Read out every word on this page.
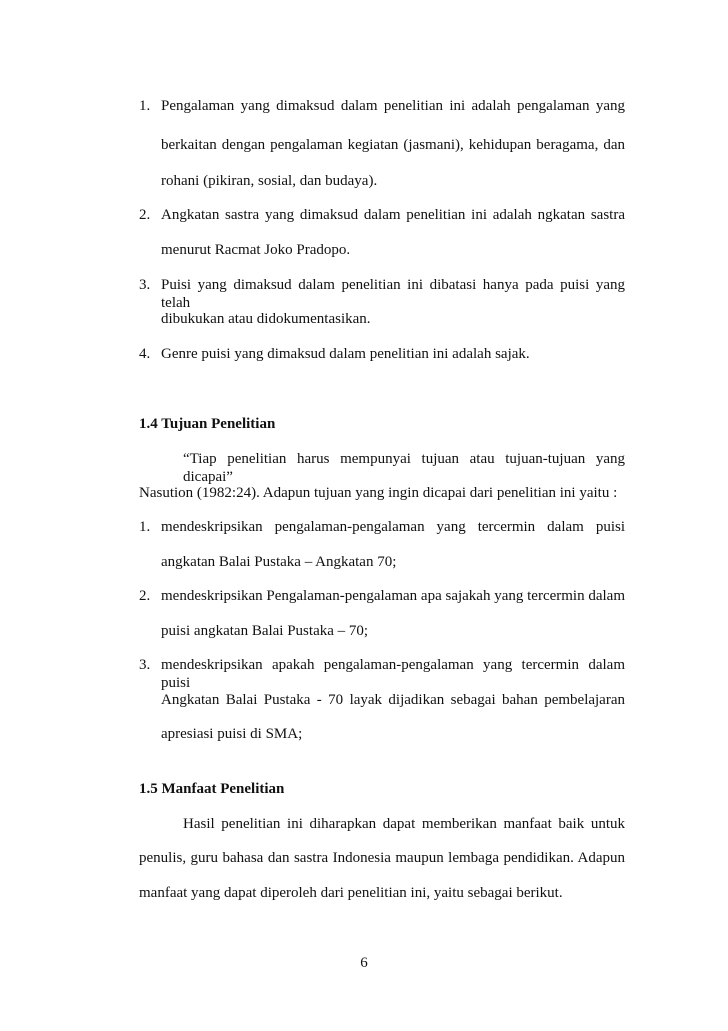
1. Pengalaman yang dimaksud dalam penelitian ini adalah pengalaman yang
berkaitan dengan pengalaman kegiatan (jasmani), kehidupan beragama, dan
rohani (pikiran, sosial, dan budaya).
2. Angkatan sastra yang dimaksud dalam penelitian ini adalah ngkatan sastra
menurut Racmat Joko Pradopo.
3. Puisi yang dimaksud dalam penelitian ini dibatasi hanya pada puisi yang telah
dibukukan atau didokumentasikan.
4. Genre puisi yang dimaksud dalam penelitian ini adalah sajak.
1.4 Tujuan Penelitian
“Tiap penelitian harus mempunyai tujuan atau tujuan-tujuan yang dicapai”
Nasution (1982:24). Adapun tujuan yang ingin dicapai dari penelitian ini yaitu :
1. mendeskripsikan pengalaman-pengalaman yang tercermin dalam puisi
angkatan Balai Pustaka – Angkatan 70;
2. mendeskripsikan Pengalaman-pengalaman apa sajakah yang tercermin dalam
puisi angkatan Balai Pustaka – 70;
3. mendeskripsikan apakah pengalaman-pengalaman yang tercermin dalam puisi
Angkatan Balai Pustaka - 70 layak dijadikan sebagai bahan pembelajaran
apresiasi puisi di SMA;
1.5 Manfaat Penelitian
Hasil penelitian ini diharapkan dapat memberikan manfaat baik untuk
penulis, guru bahasa dan sastra Indonesia maupun lembaga pendidikan. Adapun
manfaat yang dapat diperoleh dari penelitian ini, yaitu sebagai berikut.
6
